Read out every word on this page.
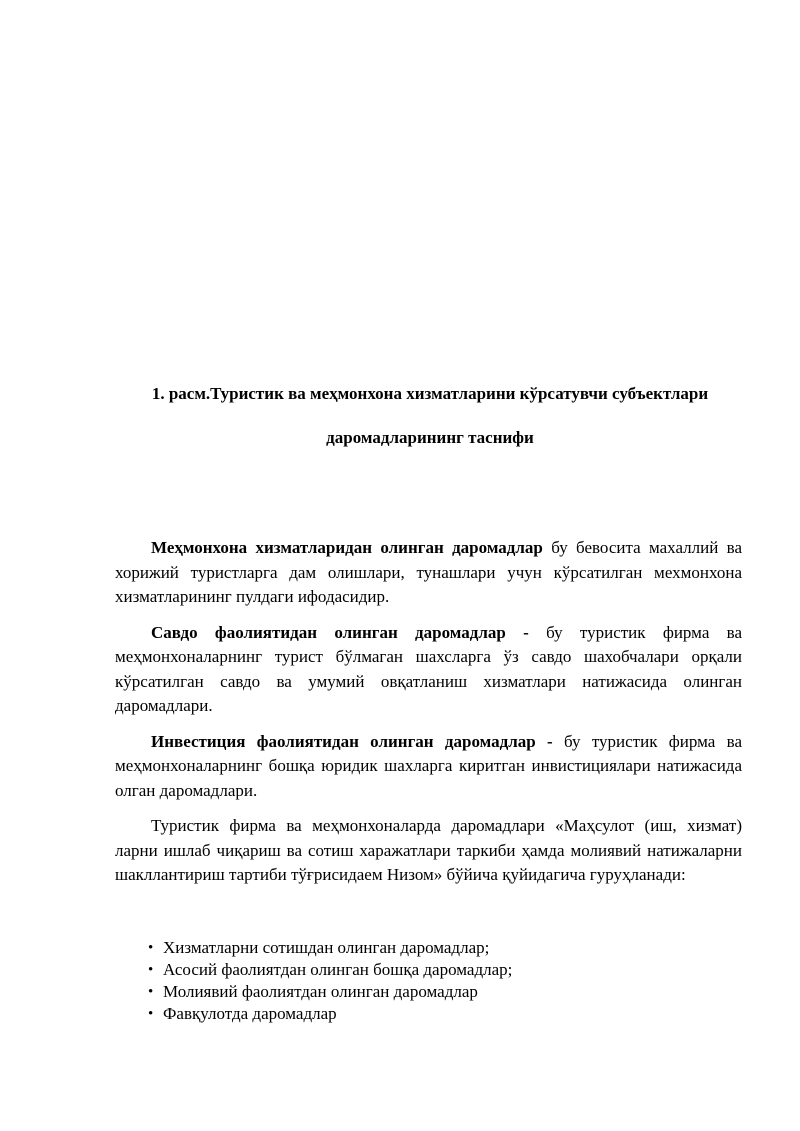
1. расм.Туристик ва меҳмонхона хизматларини кўрсатувчи субъектлари
даромадларининг таснифи

Меҳмонхона хизматларидан олинган даромадлар бу бевосита махаллий ва хорижий туристларга дам олишлари, тунашлари учун кўрсатилган мехмонхона хизматларининг пулдаги ифодасидир.

Савдо фаолиятидан олинган даромадлар - бу туристик фирма ва меҳмонхоналарнинг турист бўлмаган шахсларга ўз савдо шахобчалари орқали кўрсатилган савдо ва умумий овқатланиш хизматлари натижасида олинган даромадлари.

Инвестиция фаолиятидан олинган даромадлар - бу туристик фирма ва меҳмонхоналарнинг бошқа юридик шахларга киритган инвистициялари натижасида олган даромадлари.

Туристик фирма ва меҳмонхоналарда даромадлари «Маҳсулот (иш, хизмат) ларни ишлаб чиқариш ва сотиш харажатлари таркиби ҳамда молиявий натижаларни шакллантириш тартиби тўғрисидаем Низом» бўйича қуйидагича гуруҳланади:

• Хизматларни сотишдан олинган даромадлар;
• Асосий фаолиятдан олинган бошқа даромадлар;
• Молиявий фаолиятдан олинган даромадлар
• Фавқулотда даромадлар
